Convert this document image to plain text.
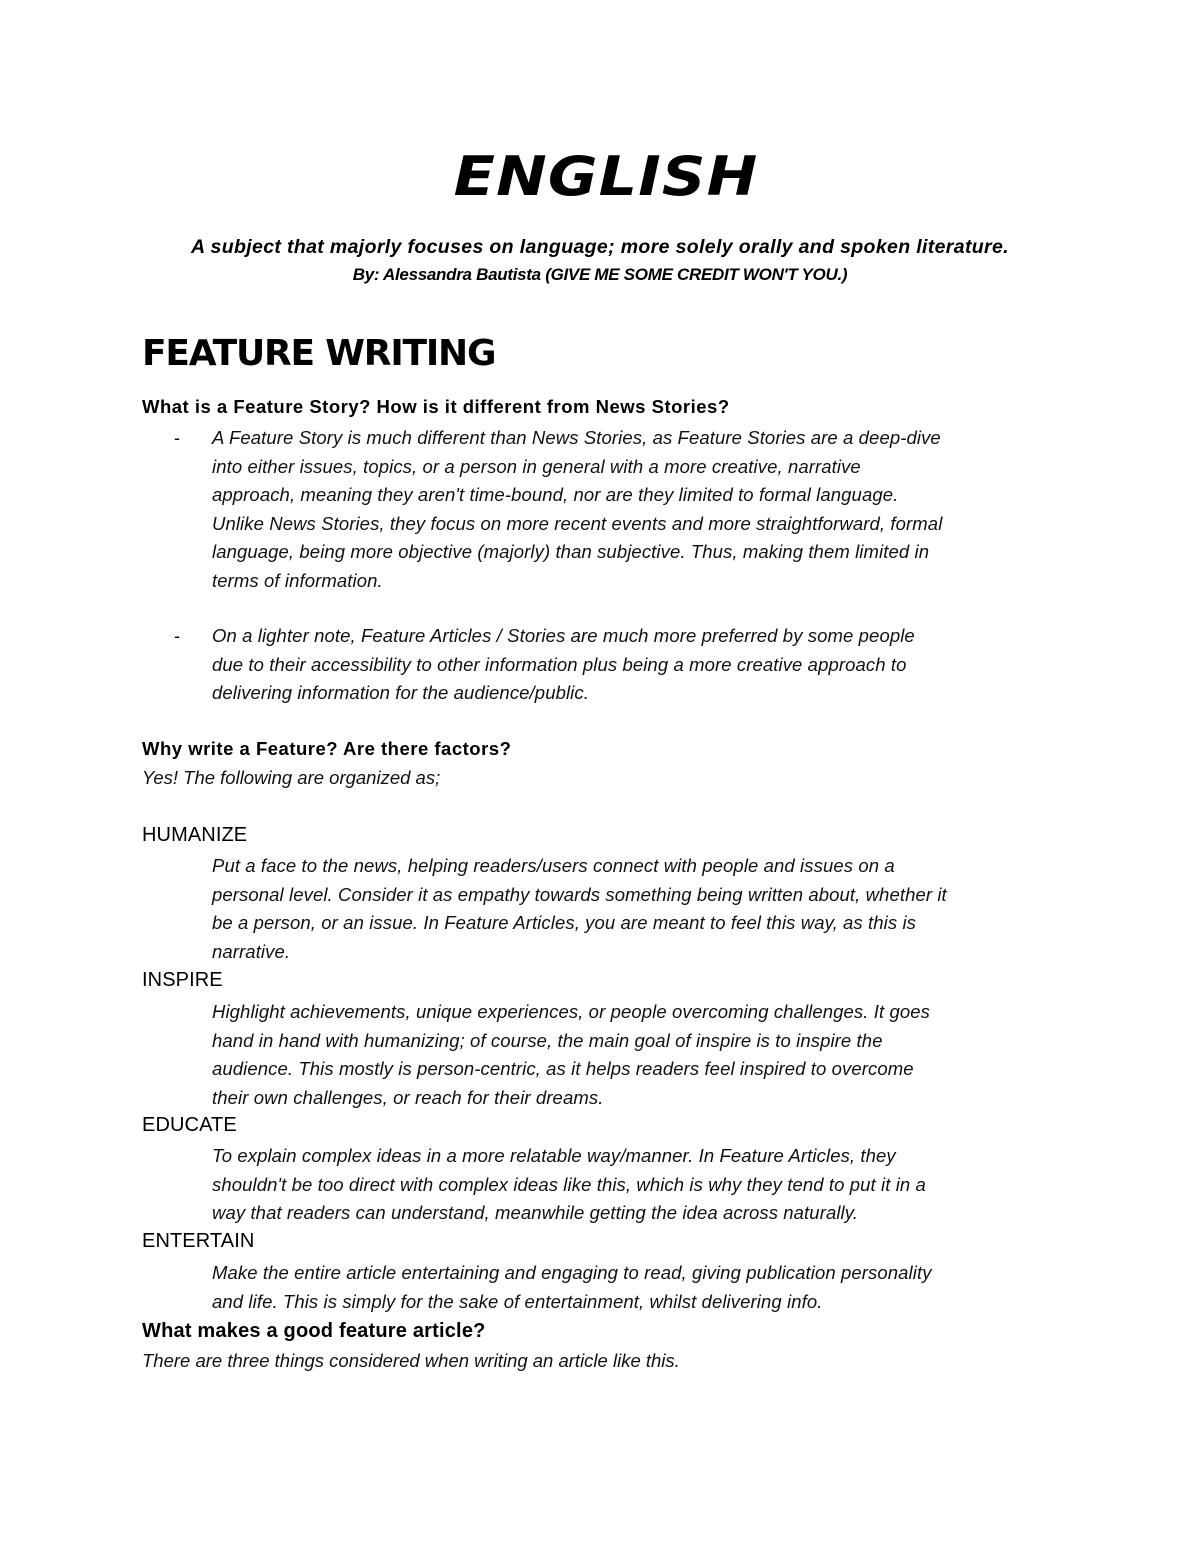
ENGLISH
A subject that majorly focuses on language; more solely orally and spoken literature.
By: Alessandra Bautista (GIVE ME SOME CREDIT WON'T YOU.)
FEATURE WRITING
What is a Feature Story? How is it different from News Stories?
- A Feature Story is much different than News Stories, as Feature Stories are a deep-dive
into either issues, topics, or a person in general with a more creative, narrative
approach, meaning they aren't time-bound, nor are they limited to formal language.
Unlike News Stories, they focus on more recent events and more straightforward, formal
language, being more objective (majorly) than subjective. Thus, making them limited in
terms of information.
- On a lighter note, Feature Articles / Stories are much more preferred by some people
due to their accessibility to other information plus being a more creative approach to
delivering information for the audience/public.
Why write a Feature? Are there factors?
Yes! The following are organized as;
HUMANIZE
Put a face to the news, helping readers/users connect with people and issues on a
personal level. Consider it as empathy towards something being written about, whether it
be a person, or an issue. In Feature Articles, you are meant to feel this way, as this is
narrative.
INSPIRE
Highlight achievements, unique experiences, or people overcoming challenges. It goes
hand in hand with humanizing; of course, the main goal of inspire is to inspire the
audience. This mostly is person-centric, as it helps readers feel inspired to overcome
their own challenges, or reach for their dreams.
EDUCATE
To explain complex ideas in a more relatable way/manner. In Feature Articles, they
shouldn't be too direct with complex ideas like this, which is why they tend to put it in a
way that readers can understand, meanwhile getting the idea across naturally.
ENTERTAIN
Make the entire article entertaining and engaging to read, giving publication personality
and life. This is simply for the sake of entertainment, whilst delivering info.
What makes a good feature article?
There are three things considered when writing an article like this.
